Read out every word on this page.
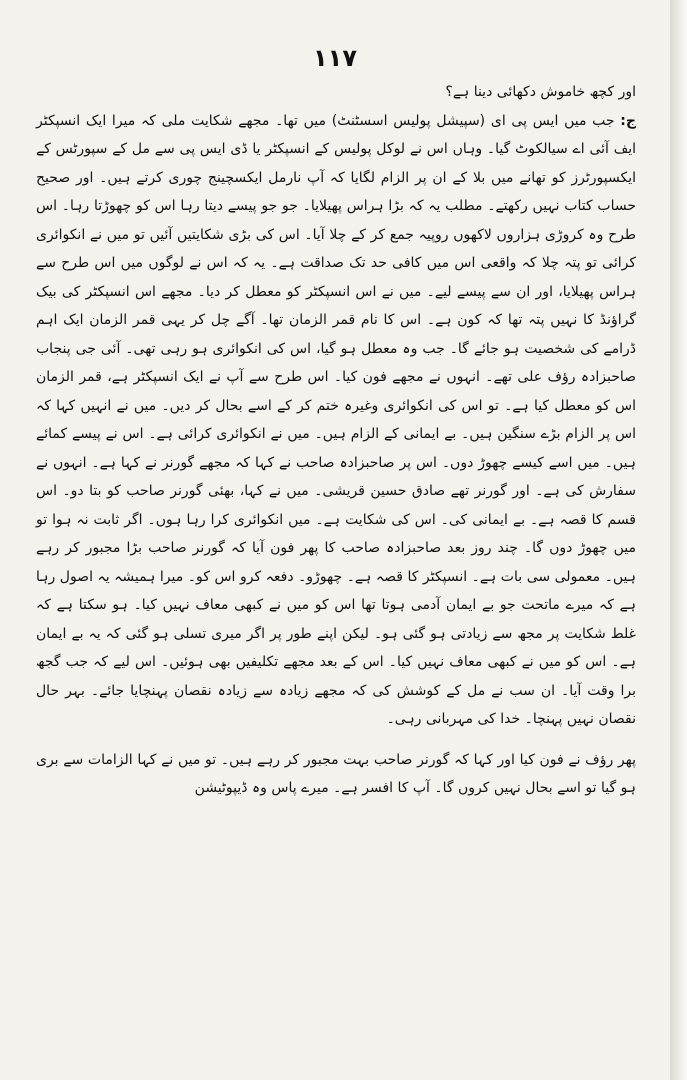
۱۱۷

اور کچھ خاموش دکھائی دینا ہے؟

ج: جب میں ایس پی ای (سپیشل پولیس اسسٹنٹ) میں تھا۔ مجھے شکایت ملی کہ میرا ایک انسپکٹر ایف آئی اے سیالکوٹ گیا۔ وہاں اس نے لوکل پولیس کے انسپکٹر یا ڈی ایس پی سے مل کے سپورٹس کے ایکسپورٹرز کو تھانے میں بلا کے ان پر الزام لگایا کہ آپ نارمل ایکسچینج چوری کرتے ہیں۔ اور صحیح حساب کتاب نہیں رکھتے۔ مطلب یہ کہ بڑا ہراس پھیلایا۔ جو جو پیسے دیتا رہا اس کو چھوڑتا رہا۔ اس طرح وہ کروڑی ہزاروں لاکھوں روپیہ جمع کر کے چلا آیا۔ اس کی بڑی شکایتیں آئیں تو میں نے انکوائری کرائی تو پتہ چلا کہ واقعی اس میں کافی حد تک صداقت ہے۔ یہ کہ اس نے لوگوں میں اس طرح سے ہراس پھیلایا، اور ان سے پیسے لیے۔ میں نے اس انسپکٹر کو معطل کر دیا۔ مجھے اس انسپکٹر کی بیک گراؤنڈ کا نہیں پتہ تھا کہ کون ہے۔ اس کا نام قمر الزمان تھا۔ آگے چل کر یہی قمر الزمان ایک اہم ڈرامے کی شخصیت ہو جائے گا۔ جب وہ معطل ہو گیا، اس کی انکوائری ہو رہی تھی۔ آئی جی پنجاب صاحبزادہ رؤف علی تھے۔ انہوں نے مجھے فون کیا۔ اس طرح سے آپ نے ایک انسپکٹر ہے، قمر الزمان اس کو معطل کیا ہے۔ تو اس کی انکوائری وغیرہ ختم کر کے اسے بحال کر دیں۔ میں نے انہیں کہا کہ اس پر الزام بڑے سنگین ہیں۔ بے ایمانی کے الزام ہیں۔ میں نے انکوائری کرائی ہے۔ اس نے پیسے کمائے ہیں۔ میں اسے کیسے چھوڑ دوں۔ اس پر صاحبزادہ صاحب نے کہا کہ مجھے گورنر نے کہا ہے۔ انہوں نے سفارش کی ہے۔ اور گورنر تھے صادق حسین قریشی۔ میں نے کہا، بھئی گورنر صاحب کو بتا دو۔ اس قسم کا قصہ ہے۔ بے ایمانی کی۔ اس کی شکایت ہے۔ میں انکوائری کرا رہا ہوں۔ اگر ثابت نہ ہوا تو میں چھوڑ دوں گا۔ چند روز بعد صاحبزادہ صاحب کا پھر فون آیا کہ گورنر صاحب بڑا مجبور کر رہے ہیں۔ معمولی سی بات ہے۔ انسپکٹر کا قصہ ہے۔ چھوڑو۔ دفعہ کرو اس کو۔ میرا ہمیشہ یہ اصول رہا ہے کہ میرے ماتحت جو بے ایمان آدمی ہوتا تھا اس کو میں نے کبھی معاف نہیں کیا۔ ہو سکتا ہے کہ غلط شکایت پر مجھ سے زیادتی ہو گئی ہو۔ لیکن اپنے طور پر اگر میری تسلی ہو گئی کہ یہ بے ایمان ہے۔ اس کو میں نے کبھی معاف نہیں کیا۔ اس کے بعد مجھے تکلیفیں بھی ہوئیں۔ اس لیے کہ جب گجھ برا وقت آیا۔ ان سب نے مل کے کوشش کی کہ مجھے زیادہ سے زیادہ نقصان پہنچایا جائے۔ بہر حال نقصان نہیں پہنچا۔ خدا کی مہربانی رہی۔

پھر رؤف نے فون کیا اور کہا کہ گورنر صاحب بہت مجبور کر رہے ہیں۔ تو میں نے کہا الزامات سے بری ہو گیا تو اسے بحال نہیں کروں گا۔ آپ کا افسر ہے۔ میرے پاس وہ ڈیپوٹیشن
